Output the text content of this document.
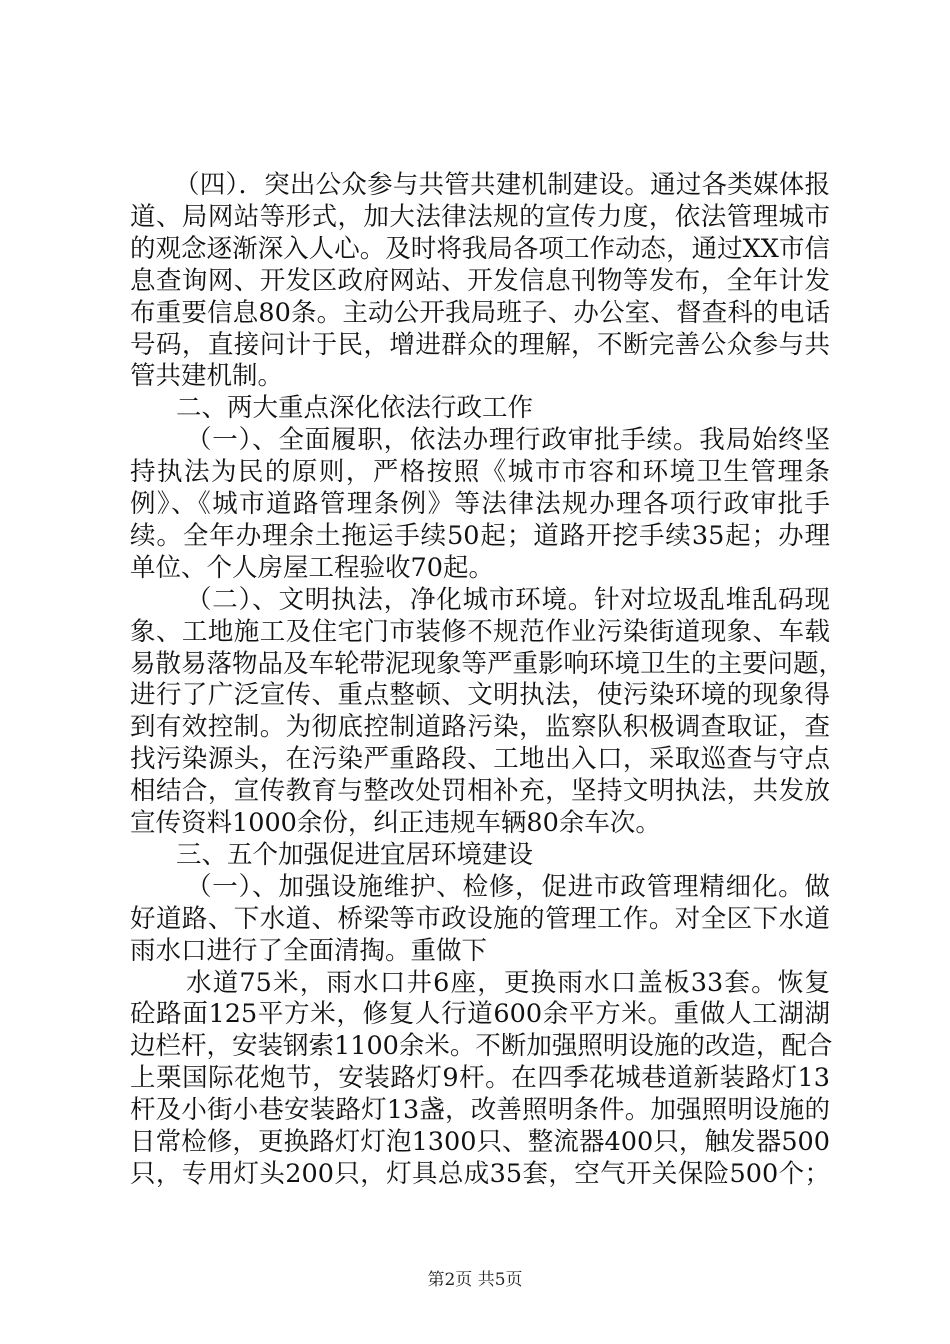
（四）．突出公众参与共管共建机制建设。通过各类媒体报
道、局网站等形式，加大法律法规的宣传力度，依法管理城市
的观念逐渐深入人心。及时将我局各项工作动态，通过XX市信
息查询网、开发区政府网站、开发信息刊物等发布，全年计发
布重要信息80条。主动公开我局班子、办公室、督查科的电话
号码，直接问计于民，增进群众的理解，不断完善公众参与共
管共建机制。
二、两大重点深化依法行政工作
（一）、全面履职，依法办理行政审批手续。我局始终坚
持执法为民的原则，严格按照《城市市容和环境卫生管理条
例》、《城市道路管理条例》等法律法规办理各项行政审批手
续。全年办理余土拖运手续50起；道路开挖手续35起；办理
单位、个人房屋工程验收70起。
（二）、文明执法，净化城市环境。针对垃圾乱堆乱码现
象、工地施工及住宅门市装修不规范作业污染街道现象、车载
易散易落物品及车轮带泥现象等严重影响环境卫生的主要问题，
进行了广泛宣传、重点整顿、文明执法，使污染环境的现象得
到有效控制。为彻底控制道路污染，监察队积极调查取证，查
找污染源头，在污染严重路段、工地出入口，采取巡查与守点
相结合，宣传教育与整改处罚相补充，坚持文明执法，共发放
宣传资料1000余份，纠正违规车辆80余车次。
三、五个加强促进宜居环境建设
（一）、加强设施维护、检修，促进市政管理精细化。做
好道路、下水道、桥梁等市政设施的管理工作。对全区下水道
雨水口进行了全面清掏。重做下
水道75米，雨水口井6座，更换雨水口盖板33套。恢复
砼路面125平方米，修复人行道600余平方米。重做人工湖湖
边栏杆，安装钢索1100余米。不断加强照明设施的改造，配合
上栗国际花炮节，安装路灯9杆。在四季花城巷道新装路灯13
杆及小街小巷安装路灯13盏，改善照明条件。加强照明设施的
日常检修，更换路灯灯泡1300只、整流器400只，触发器500
只，专用灯头200只，灯具总成35套，空气开关保险500个；
第2页 共5页
